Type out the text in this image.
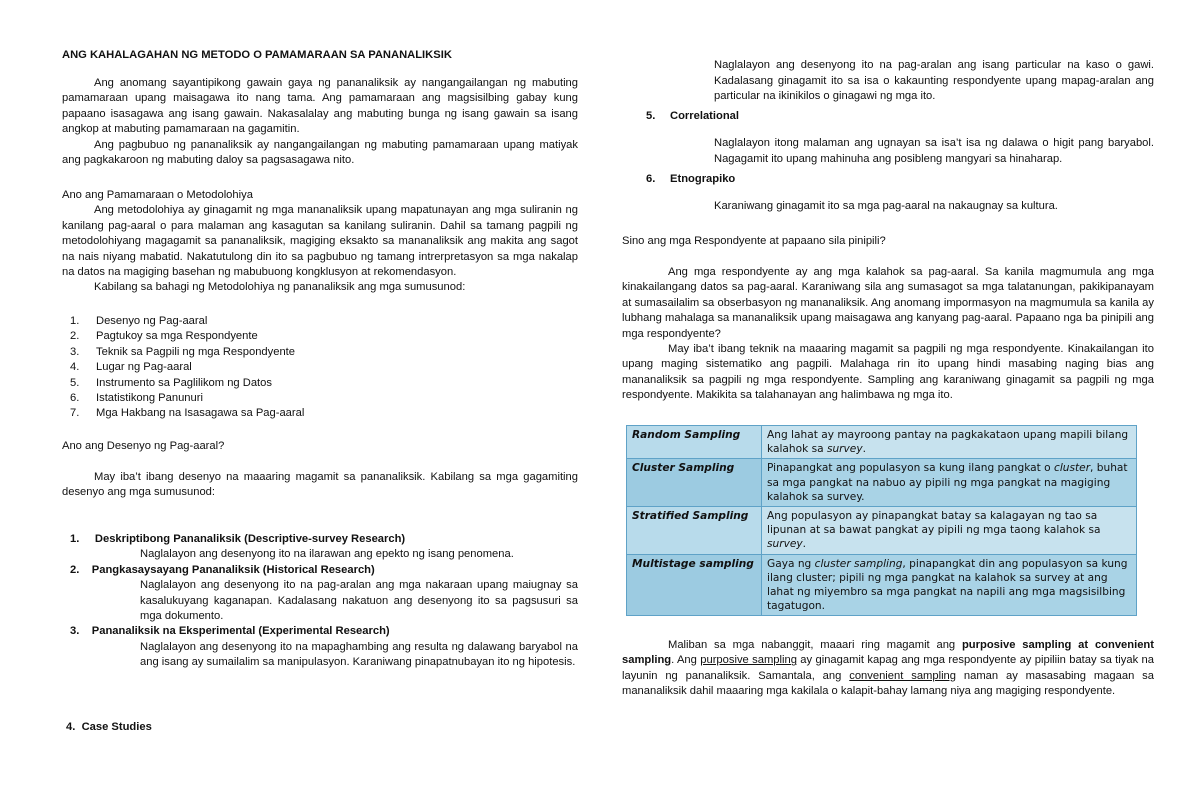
ANG KAHALAGAHAN NG METODO O PAMAMARAAN SA PANANALIKSIK

Ang anomang sayantipikong gawain gaya ng pananaliksik ay nangangailangan ng mabuting pamamaraan upang maisagawa ito nang tama. Ang pamamaraan ang magsisilbing gabay kung papaano isasagawa ang isang gawain. Nakasalalay ang mabuting bunga ng isang gawain sa isang angkop at mabuting pamamaraan na gagamitin.

Ang pagbubuo ng pananaliksik ay nangangailangan ng mabuting pamamaraan upang matiyak ang pagkakaroon ng mabuting daloy sa pagsasagawa nito.

Ano ang Pamamaraan o Metodolohiya

Ang metodolohiya ay ginagamit ng mga mananaliksik upang mapatunayan ang mga suliranin ng kanilang pag-aaral o para malaman ang kasagutan sa kanilang suliranin. Dahil sa tamang pagpili ng metodolohiyang magagamit sa pananaliksik, magiging eksakto sa mananaliksik ang makita ang sagot na nais niyang mabatid. Nakatutulong din ito sa pagbubuo ng tamang intrerpretasyon sa mga nakalap na datos na magiging basehan ng mabubuong kongklusyon at rekomendasyon.

Kabilang sa bahagi ng Metodolohiya ng pananaliksik ang mga sumusunod:

1. Desenyo ng Pag-aaral
2. Pagtukoy sa mga Respondyente
3. Teknik sa Pagpili ng mga Respondyente
4. Lugar ng Pag-aaral
5. Instrumento sa Paglilikom ng Datos
6. Istatistikong Panunuri
7. Mga Hakbang na Isasagawa sa Pag-aaral

Ano ang Desenyo ng Pag-aaral?

May iba’t ibang desenyo na maaaring magamit sa pananaliksik. Kabilang sa mga gagamiting desenyo ang mga sumusunod:

1. Deskriptibong Pananaliksik (Descriptive-survey Research)
Naglalayon ang desenyong ito na ilarawan ang epekto ng isang penomena.
2. Pangkasaysayang Pananaliksik (Historical Research)
Naglalayon ang desenyong ito na pag-aralan ang mga nakaraan upang maiugnay sa kasalukuyang kaganapan. Kadalasang nakatuon ang desenyong ito sa pagsusuri sa mga dokumento.
3. Pananaliksik na Eksperimental (Experimental Research)
Naglalayon ang desenyong ito na mapaghambing ang resulta ng dalawang baryabol na ang isang ay sumailalim sa manipulasyon. Karaniwang pinapatnubayan ito ng hipotesis.
4. Case Studies

Naglalayon ang desenyong ito na pag-aralan ang isang particular na kaso o gawi. Kadalasang ginagamit ito sa isa o kakaunting respondyente upang mapag-aralan ang particular na ikinikilos o ginagawi ng mga ito.

5. Correlational

Naglalayon itong malaman ang ugnayan sa isa’t isa ng dalawa o higit pang baryabol. Nagagamit ito upang mahinuha ang posibleng mangyari sa hinaharap.

6. Etnograpiko

Karaniwang ginagamit ito sa mga pag-aaral na nakaugnay sa kultura.

Sino ang mga Respondyente at papaano sila pinipili?

Ang mga respondyente ay ang mga kalahok sa pag-aaral. Sa kanila magmumula ang mga kinakailangang datos sa pag-aaral. Karaniwang sila ang sumasagot sa mga talatanungan, pakikipanayam at sumasailalim sa obserbasyon ng mananaliksik. Ang anomang impormasyon na magmumula sa kanila ay lubhang mahalaga sa mananaliksik upang maisagawa ang kanyang pag-aaral. Papaano nga ba pinipili ang mga respondyente?

May iba’t ibang teknik na maaaring magamit sa pagpili ng mga respondyente. Kinakailangan ito upang maging sistematiko ang pagpili. Malahaga rin ito upang hindi masabing naging bias ang mananaliksik sa pagpili ng mga respondyente. Sampling ang karaniwang ginagamit sa pagpili ng mga respondyente. Makikita sa talahanayan ang halimbawa ng mga ito.

Random Sampling	Ang lahat ay mayroong pantay na pagkakataon upang mapili bilang kalahok sa survey.
Cluster Sampling	Pinapangkat ang populasyon sa kung ilang pangkat o cluster, buhat sa mga pangkat na nabuo ay pipili ng mga pangkat na magiging kalahok sa survey.
Stratified Sampling	Ang populasyon ay pinapangkat batay sa kalagayan ng tao sa lipunan at sa bawat pangkat ay pipili ng mga taong kalahok sa survey.
Multistage sampling	Gaya ng cluster sampling, pinapangkat din ang populasyon sa kung ilang cluster; pipili ng mga pangkat na kalahok sa survey at ang lahat ng miyembro sa mga pangkat na napili ang mga magsisilbing tagatugon.

Maliban sa mga nabanggit, maaari ring magamit ang purposive sampling at convenient sampling. Ang purposive sampling ay ginagamit kapag ang mga respondyente ay pipiliin batay sa tiyak na layunin ng pananaliksik. Samantala, ang convenient sampling naman ay masasabing magaan sa mananaliksik dahil maaaring mga kakilala o kalapit-bahay lamang niya ang magiging respondyente.
